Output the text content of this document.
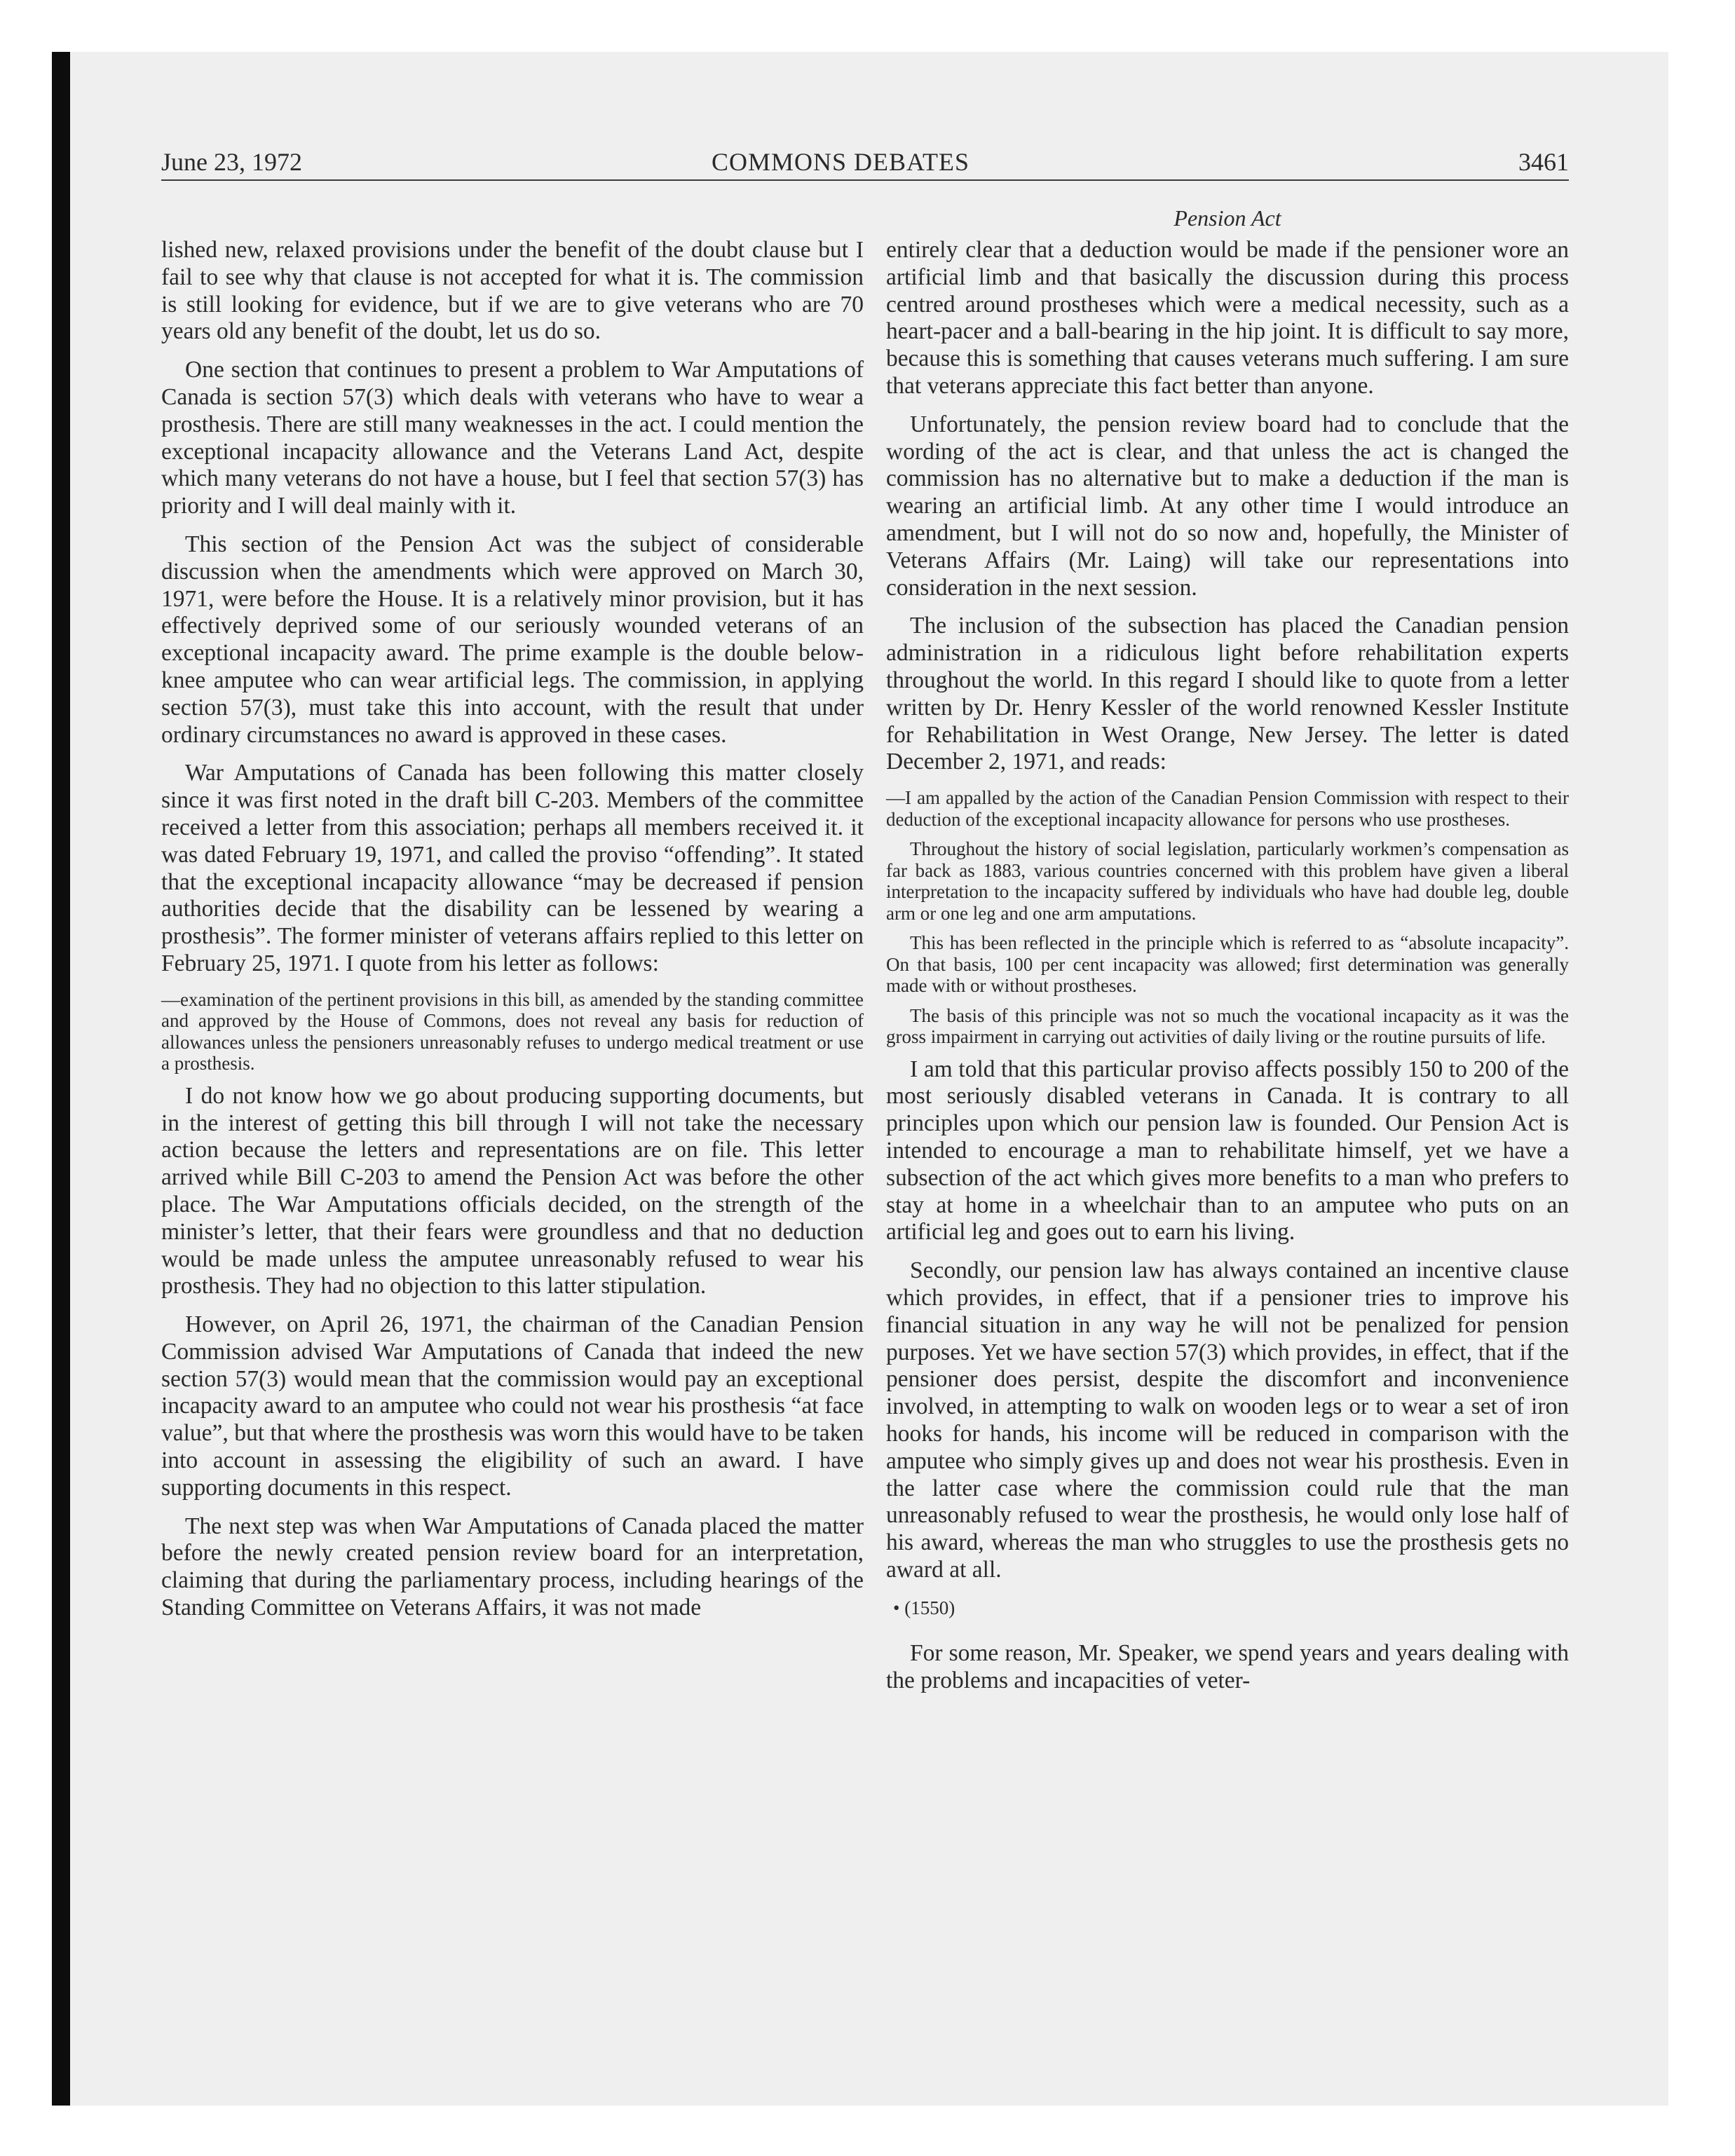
June 23, 1972	COMMONS DEBATES	3461
Pension Act

lished new, relaxed provisions under the benefit of the doubt clause but I fail to see why that clause is not accepted for what it is. The commission is still looking for evidence, but if we are to give veterans who are 70 years old any benefit of the doubt, let us do so.

One section that continues to present a problem to War Amputations of Canada is section 57(3) which deals with veterans who have to wear a prosthesis. There are still many weaknesses in the act. I could mention the exceptional incapacity allowance and the Veterans Land Act, despite which many veterans do not have a house, but I feel that section 57(3) has priority and I will deal mainly with it.

This section of the Pension Act was the subject of considerable discussion when the amendments which were approved on March 30, 1971, were before the House. It is a relatively minor provision, but it has effectively deprived some of our seriously wounded veterans of an exceptional incapacity award. The prime example is the double below-knee amputee who can wear artificial legs. The commission, in applying section 57(3), must take this into account, with the result that under ordinary circumstances no award is approved in these cases.

War Amputations of Canada has been following this matter closely since it was first noted in the draft bill C-203. Members of the committee received a letter from this association; perhaps all members received it. it was dated February 19, 1971, and called the proviso “offending”. It stated that the exceptional incapacity allowance “may be decreased if pension authorities decide that the disability can be lessened by wearing a prosthesis”. The former minister of veterans affairs replied to this letter on February 25, 1971. I quote from his letter as follows:

—examination of the pertinent provisions in this bill, as amended by the standing committee and approved by the House of Commons, does not reveal any basis for reduction of allowances unless the pensioners unreasonably refuses to undergo medical treatment or use a prosthesis.

I do not know how we go about producing supporting documents, but in the interest of getting this bill through I will not take the necessary action because the letters and representations are on file. This letter arrived while Bill C-203 to amend the Pension Act was before the other place. The War Amputations officials decided, on the strength of the minister’s letter, that their fears were groundless and that no deduction would be made unless the amputee unreasonably refused to wear his prosthesis. They had no objection to this latter stipulation.

However, on April 26, 1971, the chairman of the Canadian Pension Commission advised War Amputations of Canada that indeed the new section 57(3) would mean that the commission would pay an exceptional incapacity award to an amputee who could not wear his prosthesis “at face value”, but that where the prosthesis was worn this would have to be taken into account in assessing the eligibility of such an award. I have supporting documents in this respect.

The next step was when War Amputations of Canada placed the matter before the newly created pension review board for an interpretation, claiming that during the parliamentary process, including hearings of the Standing Committee on Veterans Affairs, it was not made

entirely clear that a deduction would be made if the pensioner wore an artificial limb and that basically the discussion during this process centred around prostheses which were a medical necessity, such as a heart-pacer and a ball-bearing in the hip joint. It is difficult to say more, because this is something that causes veterans much suffering. I am sure that veterans appreciate this fact better than anyone.

Unfortunately, the pension review board had to conclude that the wording of the act is clear, and that unless the act is changed the commission has no alternative but to make a deduction if the man is wearing an artificial limb. At any other time I would introduce an amendment, but I will not do so now and, hopefully, the Minister of Veterans Affairs (Mr. Laing) will take our representations into consideration in the next session.

The inclusion of the subsection has placed the Canadian pension administration in a ridiculous light before rehabilitation experts throughout the world. In this regard I should like to quote from a letter written by Dr. Henry Kessler of the world renowned Kessler Institute for Rehabilitation in West Orange, New Jersey. The letter is dated December 2, 1971, and reads:

—I am appalled by the action of the Canadian Pension Commission with respect to their deduction of the exceptional incapacity allowance for persons who use prostheses.

Throughout the history of social legislation, particularly workmen’s compensation as far back as 1883, various countries concerned with this problem have given a liberal interpretation to the incapacity suffered by individuals who have had double leg, double arm or one leg and one arm amputations.

This has been reflected in the principle which is referred to as “absolute incapacity”. On that basis, 100 per cent incapacity was allowed; first determination was generally made with or without prostheses.

The basis of this principle was not so much the vocational incapacity as it was the gross impairment in carrying out activities of daily living or the routine pursuits of life.

I am told that this particular proviso affects possibly 150 to 200 of the most seriously disabled veterans in Canada. It is contrary to all principles upon which our pension law is founded. Our Pension Act is intended to encourage a man to rehabilitate himself, yet we have a subsection of the act which gives more benefits to a man who prefers to stay at home in a wheelchair than to an amputee who puts on an artificial leg and goes out to earn his living.

Secondly, our pension law has always contained an incentive clause which provides, in effect, that if a pensioner tries to improve his financial situation in any way he will not be penalized for pension purposes. Yet we have section 57(3) which provides, in effect, that if the pensioner does persist, despite the discomfort and inconvenience involved, in attempting to walk on wooden legs or to wear a set of iron hooks for hands, his income will be reduced in comparison with the amputee who simply gives up and does not wear his prosthesis. Even in the latter case where the commission could rule that the man unreasonably refused to wear the prosthesis, he would only lose half of his award, whereas the man who struggles to use the prosthesis gets no award at all.

• (1550)

For some reason, Mr. Speaker, we spend years and years dealing with the problems and incapacities of veter-
